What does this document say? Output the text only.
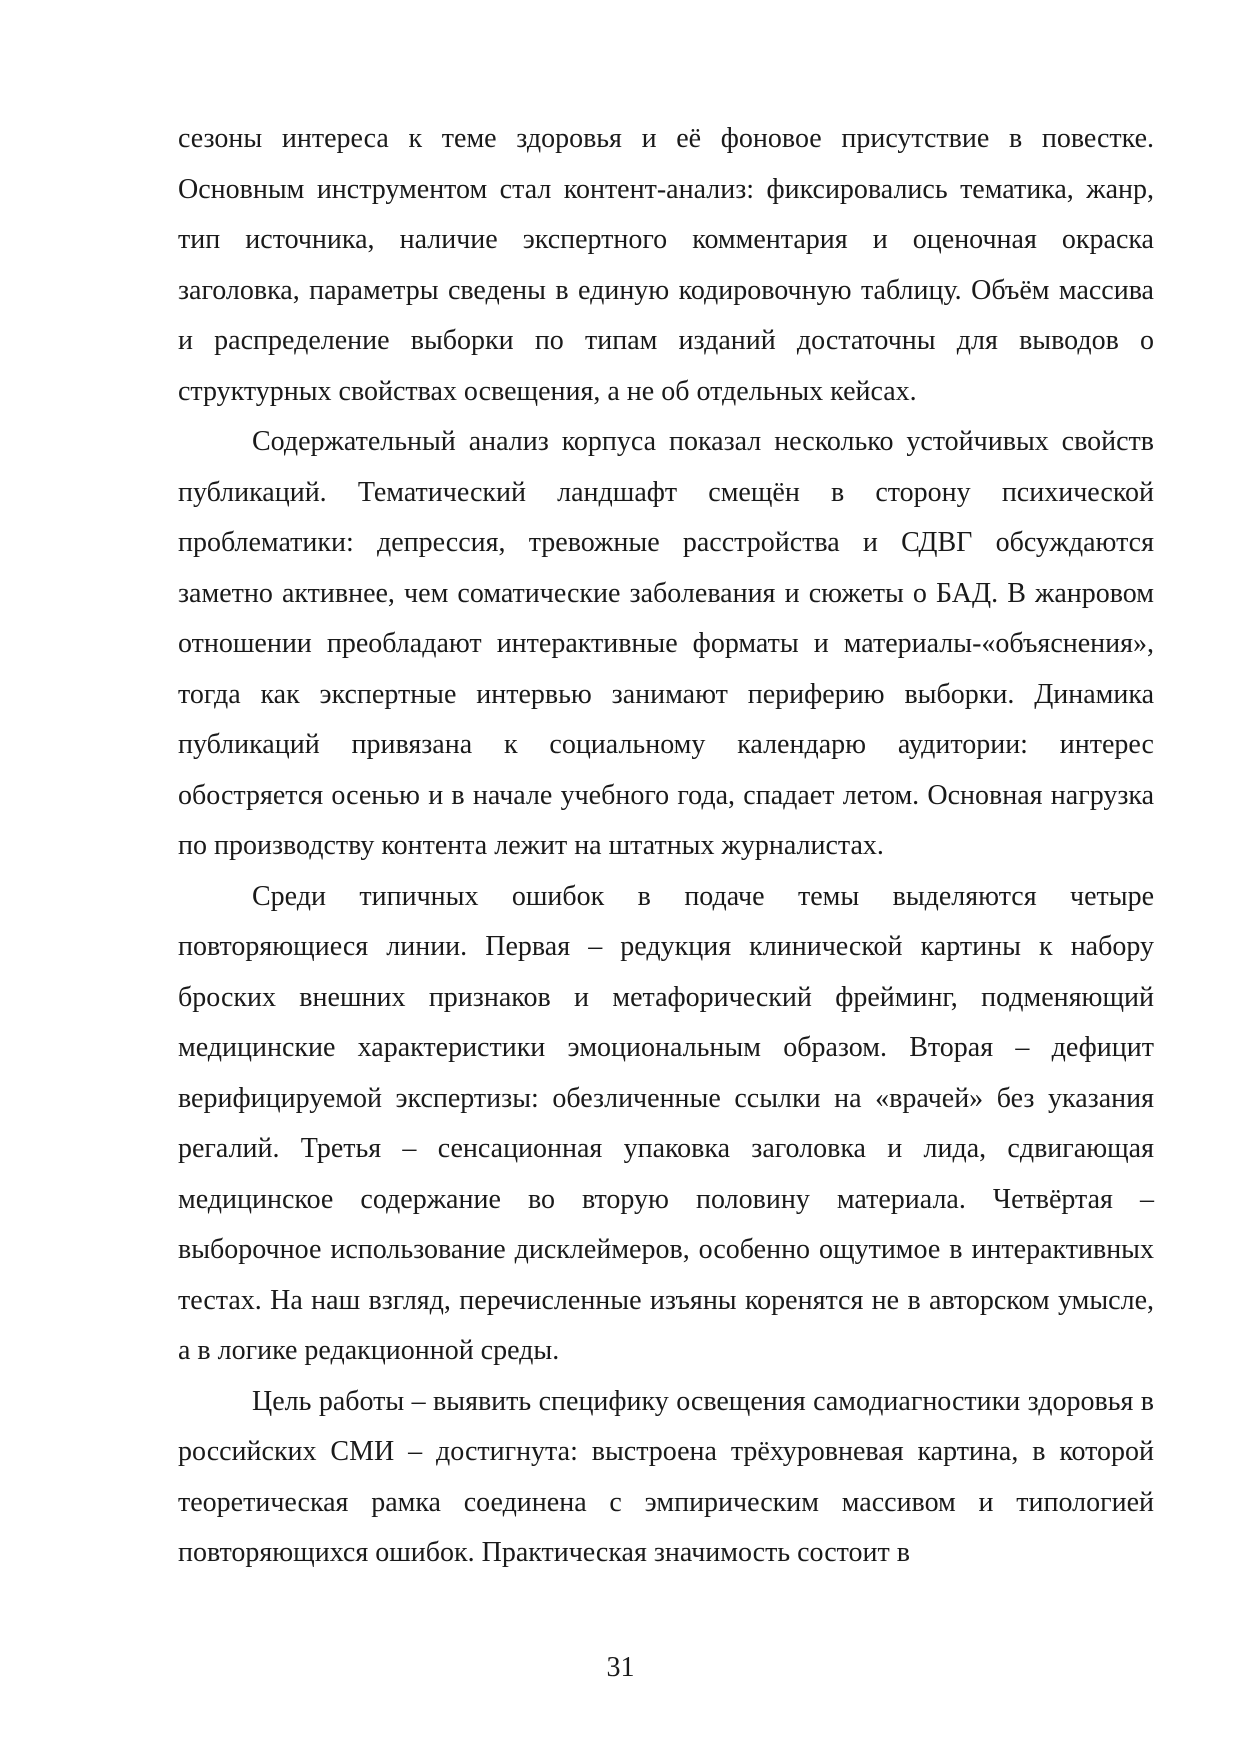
сезоны интереса к теме здоровья и её фоновое присутствие в повестке. Основным инструментом стал контент-анализ: фиксировались тематика, жанр, тип источника, наличие экспертного комментария и оценочная окраска заголовка, параметры сведены в единую кодировочную таблицу. Объём массива и распределение выборки по типам изданий достаточны для выводов о структурных свойствах освещения, а не об отдельных кейсах.

Содержательный анализ корпуса показал несколько устойчивых свойств публикаций. Тематический ландшафт смещён в сторону психической проблематики: депрессия, тревожные расстройства и СДВГ обсуждаются заметно активнее, чем соматические заболевания и сюжеты о БАД. В жанровом отношении преобладают интерактивные форматы и материалы-«объяснения», тогда как экспертные интервью занимают периферию выборки. Динамика публикаций привязана к социальному календарю аудитории: интерес обостряется осенью и в начале учебного года, спадает летом. Основная нагрузка по производству контента лежит на штатных журналистах.

Среди типичных ошибок в подаче темы выделяются четыре повторяющиеся линии. Первая – редукция клинической картины к набору броских внешних признаков и метафорический фрейминг, подменяющий медицинские характеристики эмоциональным образом. Вторая – дефицит верифицируемой экспертизы: обезличенные ссылки на «врачей» без указания регалий. Третья – сенсационная упаковка заголовка и лида, сдвигающая медицинское содержание во вторую половину материала. Четвёртая – выборочное использование дисклеймеров, особенно ощутимое в интерактивных тестах. На наш взгляд, перечисленные изъяны коренятся не в авторском умысле, а в логике редакционной среды.

Цель работы – выявить специфику освещения самодиагностики здоровья в российских СМИ – достигнута: выстроена трёхуровневая картина, в которой теоретическая рамка соединена с эмпирическим массивом и типологией повторяющихся ошибок. Практическая значимость состоит в

31
